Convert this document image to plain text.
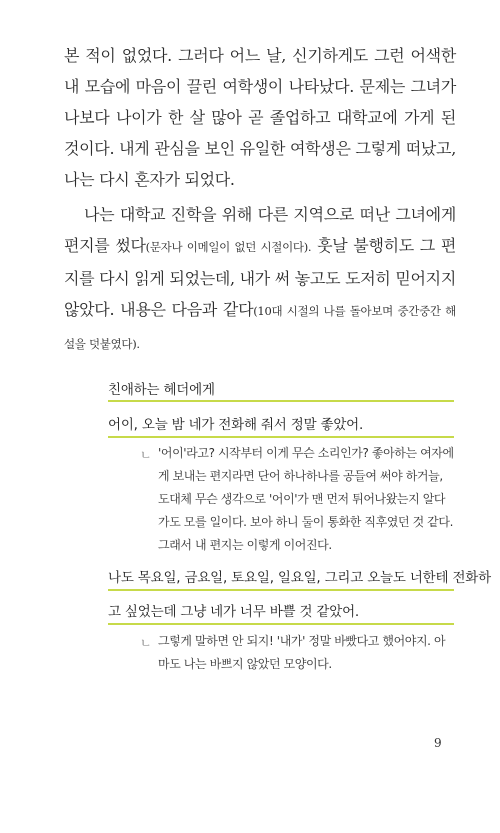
본 적이 없었다. 그러다 어느 날, 신기하게도 그런 어색한 내 모습에 마음이 끌린 여학생이 나타났다. 문제는 그녀가 나보다 나이가 한 살 많아 곧 졸업하고 대학교에 가게 된 것이다. 내게 관심을 보인 유일한 여학생은 그렇게 떠났고, 나는 다시 혼자가 되었다.

나는 대학교 진학을 위해 다른 지역으로 떠난 그녀에게 편지를 썼다(문자나 이메일이 없던 시절이다). 훗날 불행히도 그 편지를 다시 읽게 되었는데, 내가 써 놓고도 도저히 믿어지지 않았다. 내용은 다음과 같다(10대 시절의 나를 돌아보며 중간중간 해설을 덧붙였다).

친애하는 헤더에게

어이, 오늘 밤 네가 전화해 줘서 정말 좋았어.

ㄴ '어이'라고? 시작부터 이게 무슨 소리인가? 좋아하는 여자에게 보내는 편지라면 단어 하나하나를 공들여 써야 하거늘, 도대체 무슨 생각으로 '어이'가 맨 먼저 튀어나왔는지 알다가도 모를 일이다. 보아 하니 둘이 통화한 직후였던 것 같다. 그래서 내 편지는 이렇게 이어진다.

나도 목요일, 금요일, 토요일, 일요일, 그리고 오늘도 너한테 전화하

고 싶었는데 그냥 네가 너무 바쁠 것 같았어.

ㄴ 그렇게 말하면 안 되지! '내가' 정말 바빴다고 했어야지. 아마도 나는 바쁘지 않았던 모양이다.

9
